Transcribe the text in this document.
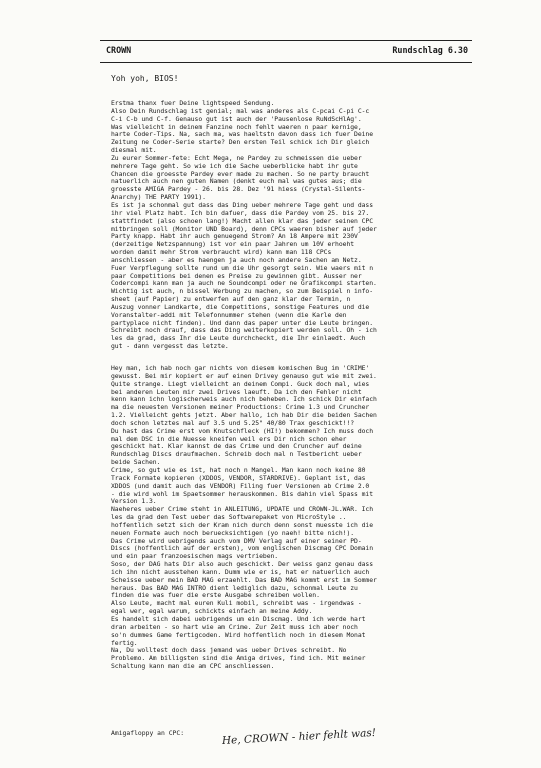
CROWN	Rundschlag 6.30
Yoh yoh, BIOS!
Erstma thanx fuer Deine lightspeed Sendung.
Also Dein Rundschlag ist genial; mal was anderes als C-pcai C-pi C-c
C-i C-b und C-f. Genauso gut ist auch der 'Pausenlose RuNdScHlAg'.
Was vielleicht in deinem Fanzine noch fehlt waeren n paar kernige,
harte Coder-Tips. Na, sach ma, was haeltstn davon dass ich fuer Deine
Zeitung ne Coder-Serie starte? Den ersten Teil schick ich Dir gleich
diesmal mit.
Zu eurer Sommer-fete: Echt Mega, ne Pardey zu schmeissen die ueber
mehrere Tage geht. So wie ich die Sache ueberblicke habt ihr gute
Chancen die groesste Pardey ever made zu machen. So ne party braucht
natuerlich auch nen guten Namen (denkt euch mal was gutes aus; die
groesste AMIGA Pardey - 26. bis 28. Dez '91 hiess (Crystal-Silents-
Anarchy) THE PARTY 1991).
Es ist ja schonmal gut dass das Ding ueber mehrere Tage geht und dass
ihr viel Platz habt. Ich bin dafuer, dass die Pardey vom 25. bis 27.
stattfindet (also schoen lang!) Macht allen klar das jeder seinen CPC
mitbringen soll (Monitor UND Board), denn CPCs waeren bisher auf jeder
Party knapp. Habt ihr auch genuegend Strom? An 18 Ampere mit 230V
(derzeitige Netzspannung) ist vor ein paar Jahren um 10V erhoeht
worden damit mehr Strom verbraucht wird) kann man 118 CPCs
anschliessen - aber es haengen ja auch noch andere Sachen am Netz.
Fuer Verpflegung sollte rund um die Uhr gesorgt sein. Wie waers mit n
paar Competitions bei denen es Preise zu gewinnen gibt. Ausser ner
Codercompi kann man ja auch ne Soundcompi oder ne Grafikcompi starten.
Wichtig ist auch, n bissel Werbung zu machen, so zum Beispiel n info-
sheet (auf Papier) zu entwerfen auf den ganz klar der Termin, n
Auszug vonner Landkarte, die Competitions, sonstige Features und die
Voranstalter-addi mit Telefonnummer stehen (wenn die Karle den
partyplace nicht finden). Und dann das paper unter die Leute bringen.
Schreibt noch drauf, dass das Ding weiterkopiert werden soll. Oh - ich
les da grad, dass Ihr die Leute durchcheckt, die Ihr einlaedt. Auch
gut - dann vergesst das letzte.
Hey man, ich hab noch gar nichts von diesem komischen Bug im 'CRIME'
gewusst. Bei mir kopiert er auf einen Drivey genauso gut wie mit zwei.
Quite strange. Liegt vielleicht an deinem Compi. Guck doch mal, wies
bei anderen Leuten mir zwei Drives laeuft. Da ich den Fehler nicht
kenn kann ichn logischerweis auch nich beheben. Ich schick Dir einfach
ma die neuesten Versionen meiner Productions: Crime 1.3 und Cruncher
1.2. Vielleicht gehts jetzt. Aber hallo, ich hab Dir die beiden Sachen
doch schon letztes mal auf 3.5 und 5.25" 40/80 Trax geschickt!!?
Du hast das Crime erst vom Knutschfleck (HI!) bekommen? Ich muss doch
mal dem DSC in die Nuesse kneifen weil ers Dir nich schon eher
geschickt hat. Klar kannst de das Crime und den Cruncher auf deine
Rundschlag Discs draufmachen. Schreib doch mal n Testbericht ueber
beide Sachen.
Crime, so gut wie es ist, hat noch n Mangel. Man kann noch keine 80
Track Formate kopieren (XDDOS, VENDOR, STARDRIVE). Geplant ist, das
XDDOS (und damit auch das VENDOR) Filing fuer Versionen ab Crime 2.0
- die wird wohl im Spaetsommer herauskommen. Bis dahin viel Spass mit
Version 1.3.
Naeheres ueber Crime steht in ANLEITUNG, UPDATE und CROWN-JL.WAR. Ich
les da grad den Test ueber das Softwarepaket von MicroStyle ..
hoffentlich setzt sich der Kram nich durch denn sonst muesste ich die
neuen Formate auch noch beruecksichtigen (yo naeh! bitte nich!).
Das Crime wird uebrigends auch vom DMV Verlag auf einer seiner PD-
Discs (hoffentlich auf der ersten), vom englischen Discmag CPC Domain
und ein paar franzoesischen mags vertrieben.
Soso, der DAG hats Dir also auch geschickt. Der weiss ganz genau dass
ich ihn nicht ausstehen kann. Dumm wie er is, hat er natuerlich auch
Scheisse ueber mein BAD MAG erzaehlt. Das BAD MAG kommt erst im Sommer
heraus. Das BAD MAG INTRO dient lediglich dazu, schonmal Leute zu
finden die was fuer die erste Ausgabe schreiben wollen.
Also Leute, macht mal euren Kuli mobil, schreibt was - irgendwas -
egal wer, egal warum, schickts einfach an meine Addy.
Es handelt sich dabei uebrigends um ein Discmag. Und ich werde hart
dran arbeiten - so hart wie am Crime. Zur Zeit muss ich aber noch
so'n dummes Game fertigcoden. Wird hoffentlich noch in diesem Monat
fertig.
Na, Du wolltest doch dass jemand was ueber Drives schreibt. No
Problemo. Am billigsten sind die Amiga drives, find ich. Mit meiner
Schaltung kann man die am CPC anschliessen.
Amigafloppy an CPC:	He, CROWN - hier fehlt was!
